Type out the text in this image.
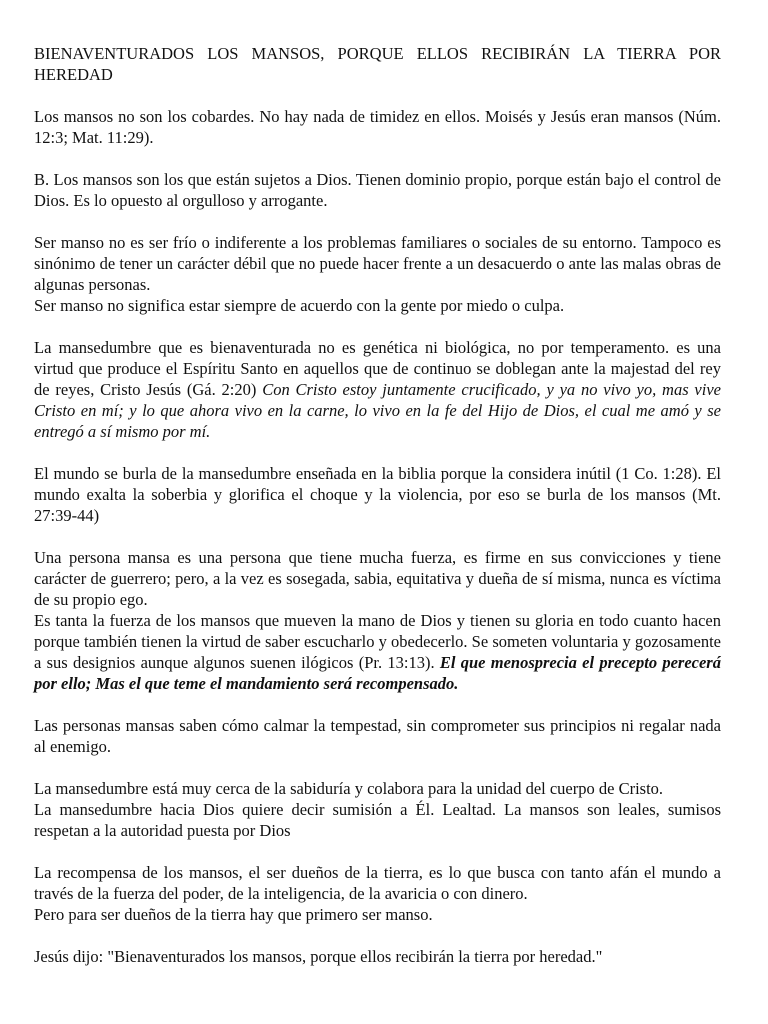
BIENAVENTURADOS LOS MANSOS, PORQUE ELLOS RECIBIRÁN LA TIERRA POR HEREDAD

Los mansos no son los cobardes. No hay nada de timidez en ellos. Moisés y Jesús eran mansos (Núm. 12:3; Mat. 11:29).

B. Los mansos son los que están sujetos a Dios. Tienen dominio propio, porque están bajo el control de Dios. Es lo opuesto al orgulloso y arrogante.

Ser manso no es ser frío o indiferente a los problemas familiares o sociales de su entorno. Tampoco es sinónimo de tener un carácter débil que no puede hacer frente a un desacuerdo o ante las malas obras de algunas personas.

Ser manso no significa estar siempre de acuerdo con la gente por miedo o culpa.

La mansedumbre que es bienaventurada no es genética ni biológica, no por temperamento. es una virtud que produce el Espíritu Santo en aquellos que de continuo se doblegan ante la majestad del rey de reyes, Cristo Jesús (Gá. 2:20) Con Cristo estoy juntamente crucificado, y ya no vivo yo, mas vive Cristo en mí; y lo que ahora vivo en la carne, lo vivo en la fe del Hijo de Dios, el cual me amó y se entregó a sí mismo por mí.

El mundo se burla de la mansedumbre enseñada en la biblia porque la considera inútil (1 Co. 1:28). El mundo exalta la soberbia y glorifica el choque y la violencia, por eso se burla de los mansos (Mt. 27:39-44)

Una persona mansa es una persona que tiene mucha fuerza, es firme en sus convicciones y tiene carácter de guerrero; pero, a la vez es sosegada, sabia, equitativa y dueña de sí misma, nunca es víctima de su propio ego.

Es tanta la fuerza de los mansos que mueven la mano de Dios y tienen su gloria en todo cuanto hacen porque también tienen la virtud de saber escucharlo y obedecerlo. Se someten voluntaria y gozosamente a sus designios aunque algunos suenen ilógicos (Pr. 13:13). El que menosprecia el precepto perecerá por ello; Mas el que teme el mandamiento será recompensado.

Las personas mansas saben cómo calmar la tempestad, sin comprometer sus principios ni regalar nada al enemigo.

La mansedumbre está muy cerca de la sabiduría y colabora para la unidad del cuerpo de Cristo.

La mansedumbre hacia Dios quiere decir sumisión a Él. Lealtad. La mansos son leales, sumisos respetan a la autoridad puesta por Dios

La recompensa de los mansos, el ser dueños de la tierra, es lo que busca con tanto afán el mundo a través de la fuerza del poder, de la inteligencia, de la avaricia o con dinero.

Pero para ser dueños de la tierra hay que primero ser manso.

Jesús dijo: "Bienaventurados los mansos, porque ellos recibirán la tierra por heredad."
